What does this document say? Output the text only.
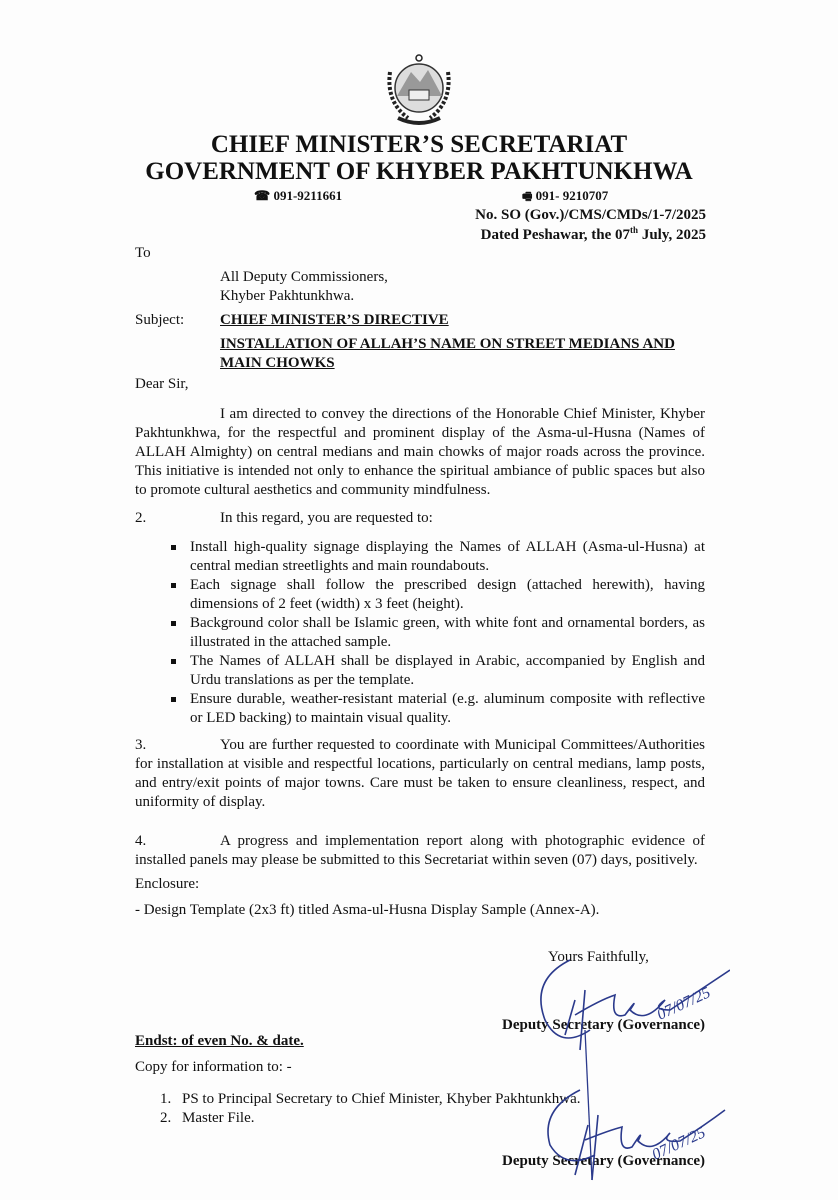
CHIEF MINISTER’S SECRETARIAT
GOVERNMENT OF KHYBER PAKHTUNKHWA
☎ 091-9211661	🖷 091- 9210707
No. SO (Gov.)/CMS/CMDs/1-7/2025
Dated Peshawar, the 07th July, 2025
To
All Deputy Commissioners,
Khyber Pakhtunkhwa.
Subject: CHIEF MINISTER’S DIRECTIVE
INSTALLATION OF ALLAH’S NAME ON STREET MEDIANS AND MAIN CHOWKS
Dear Sir,
I am directed to convey the directions of the Honorable Chief Minister, Khyber Pakhtunkhwa, for the respectful and prominent display of the Asma-ul-Husna (Names of ALLAH Almighty) on central medians and main chowks of major roads across the province. This initiative is intended not only to enhance the spiritual ambiance of public spaces but also to promote cultural aesthetics and community mindfulness.
2.	In this regard, you are requested to:
Install high-quality signage displaying the Names of ALLAH (Asma-ul-Husna) at central median streetlights and main roundabouts.
Each signage shall follow the prescribed design (attached herewith), having dimensions of 2 feet (width) x 3 feet (height).
Background color shall be Islamic green, with white font and ornamental borders, as illustrated in the attached sample.
The Names of ALLAH shall be displayed in Arabic, accompanied by English and Urdu translations as per the template.
Ensure durable, weather-resistant material (e.g. aluminum composite with reflective or LED backing) to maintain visual quality.
3.	You are further requested to coordinate with Municipal Committees/Authorities for installation at visible and respectful locations, particularly on central medians, lamp posts, and entry/exit points of major towns. Care must be taken to ensure cleanliness, respect, and uniformity of display.
4.	A progress and implementation report along with photographic evidence of installed panels may please be submitted to this Secretariat within seven (07) days, positively.
Enclosure:
- Design Template (2x3 ft) titled Asma-ul-Husna Display Sample (Annex-A).
Yours Faithfully,
Deputy Secretary (Governance)
Endst: of even No. & date.
Copy for information to: -
1. PS to Principal Secretary to Chief Minister, Khyber Pakhtunkhwa.
2. Master File.
Deputy Secretary (Governance)
07/07/25
07/07/25
